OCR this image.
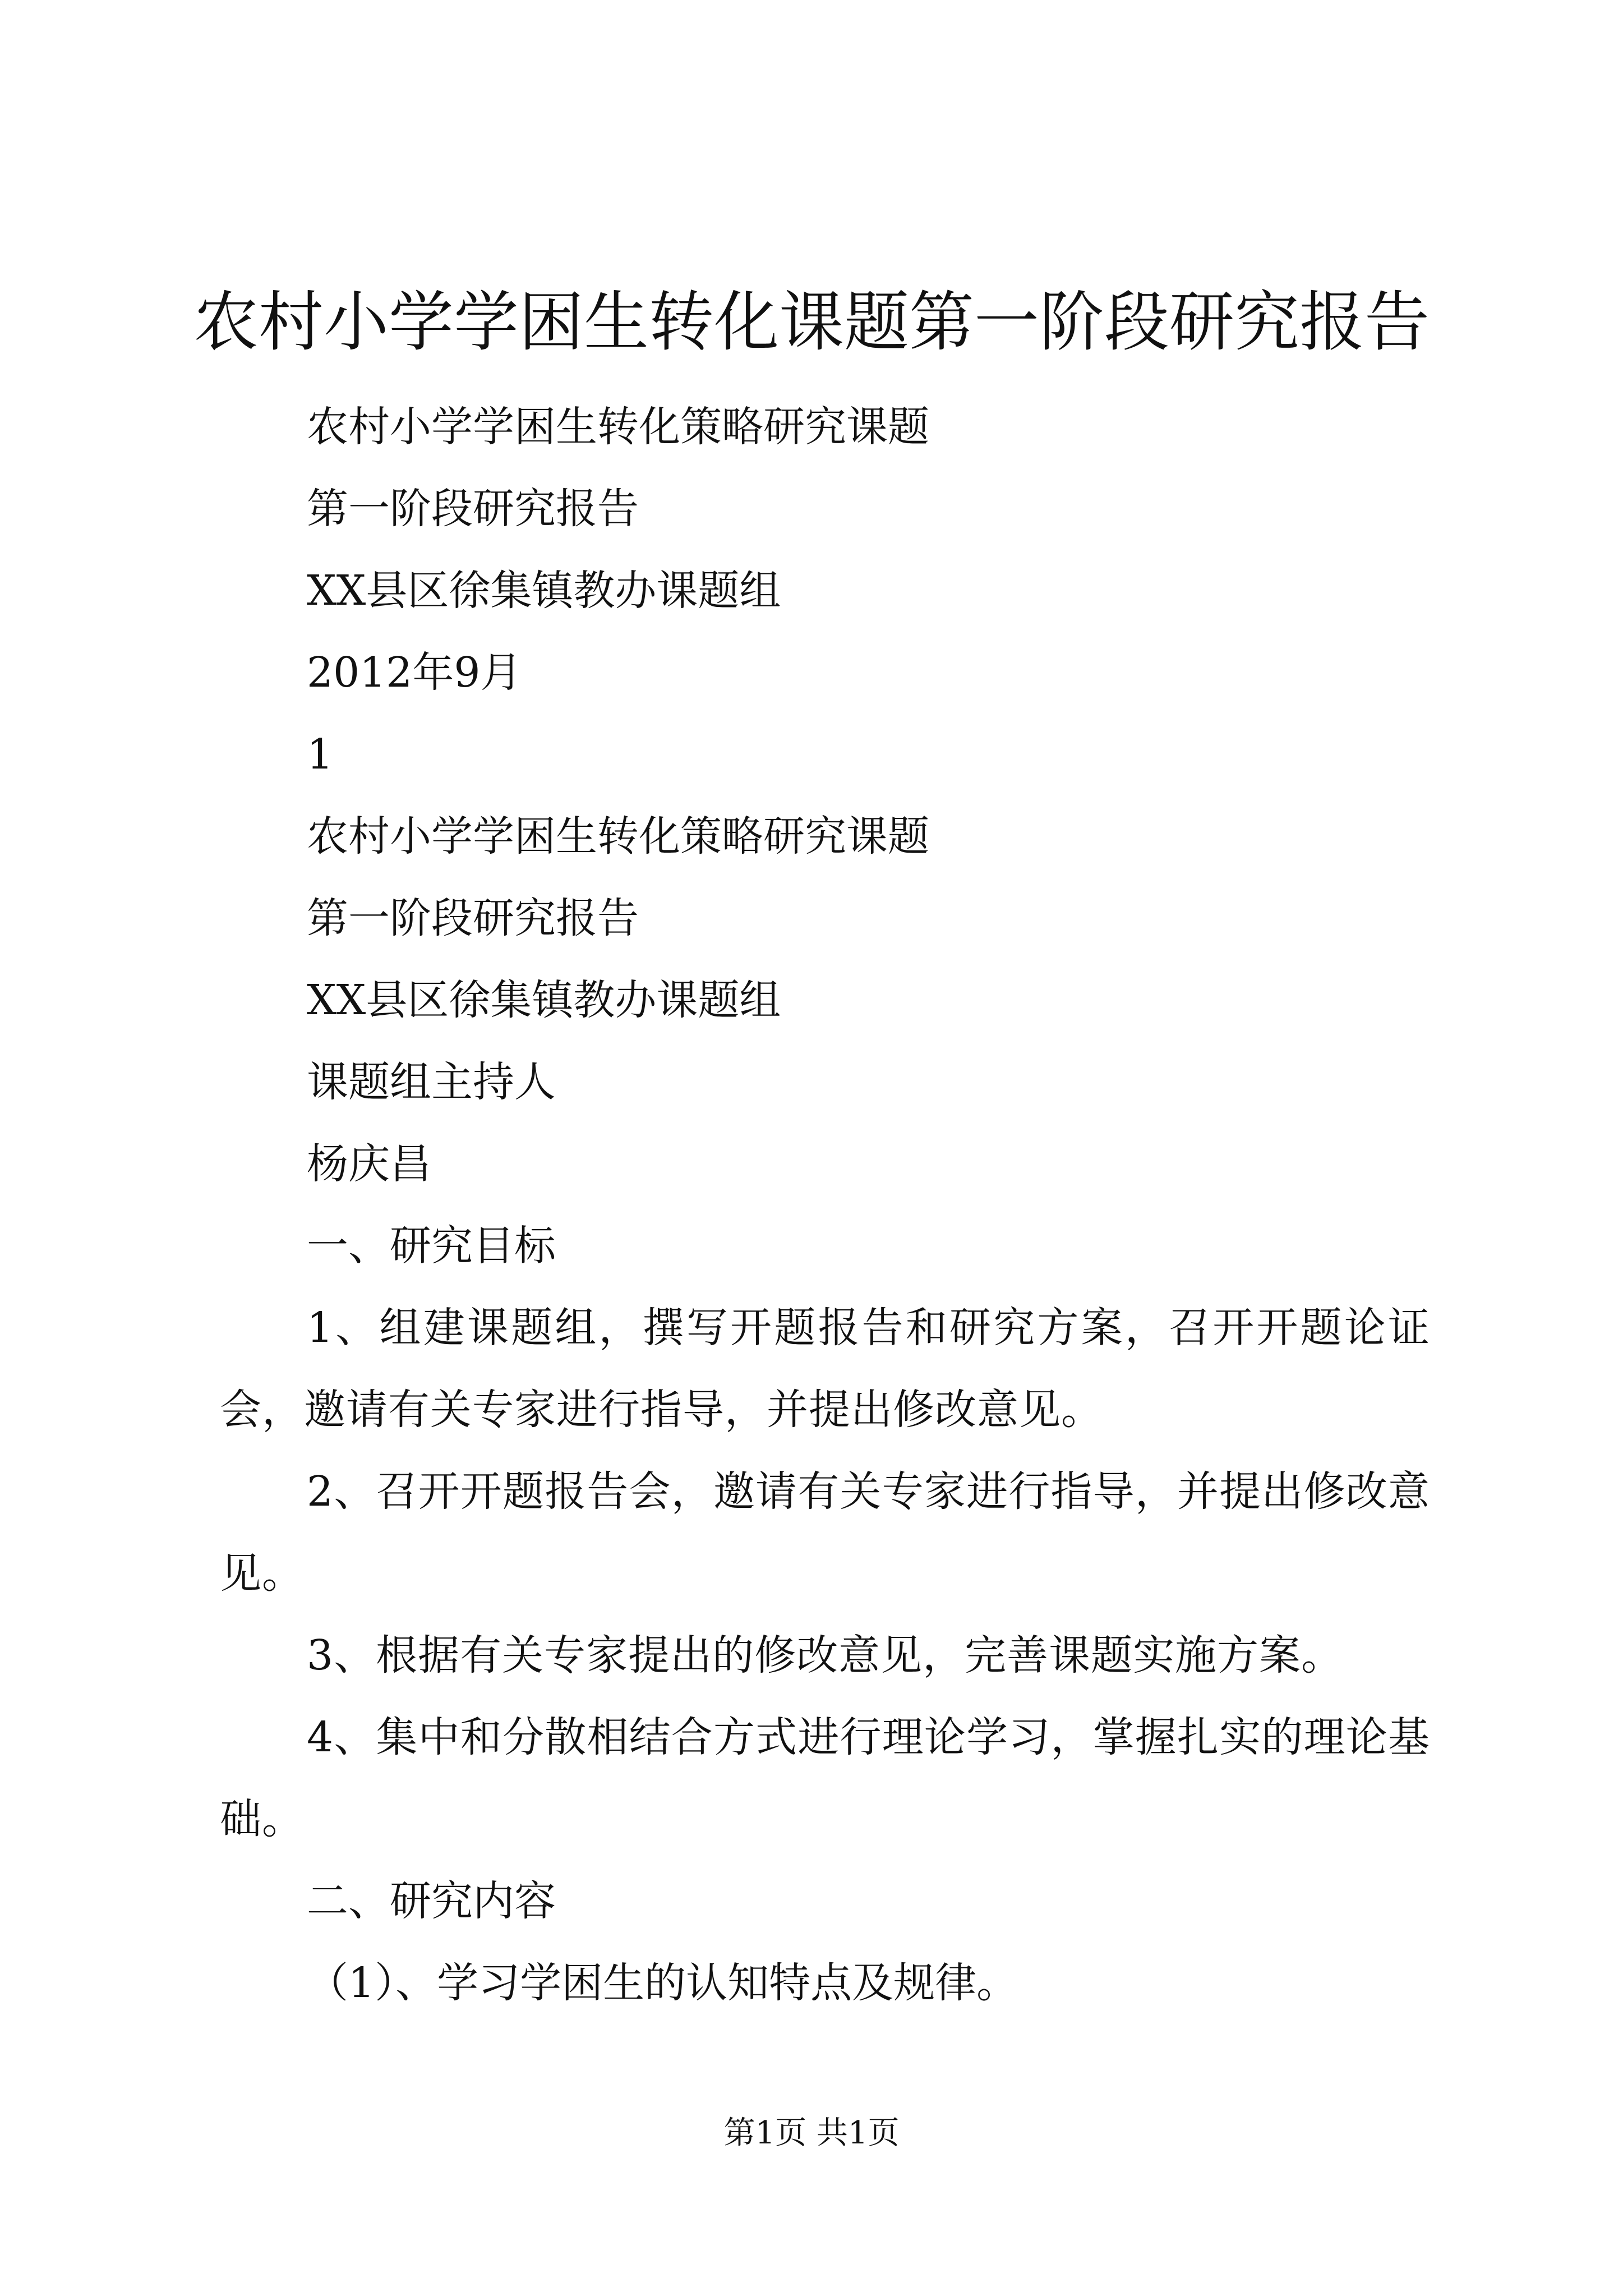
农村小学学困生转化课题第一阶段研究报告
农村小学学困生转化策略研究课题
第一阶段研究报告
XX县区徐集镇教办课题组
2012年9月
1
农村小学学困生转化策略研究课题
第一阶段研究报告
XX县区徐集镇教办课题组
课题组主持人
杨庆昌
一、研究目标

1、组建课题组，撰写开题报告和研究方案，召开开题论证会，邀请有关专家进行指导，并提出修改意见。

2、召开开题报告会，邀请有关专家进行指导，并提出修改意见。

3、根据有关专家提出的修改意见，完善课题实施方案。

4、集中和分散相结合方式进行理论学习，掌握扎实的理论基础。

二、研究内容
（1）、学习学困生的认知特点及规律。
第1页 共1页
